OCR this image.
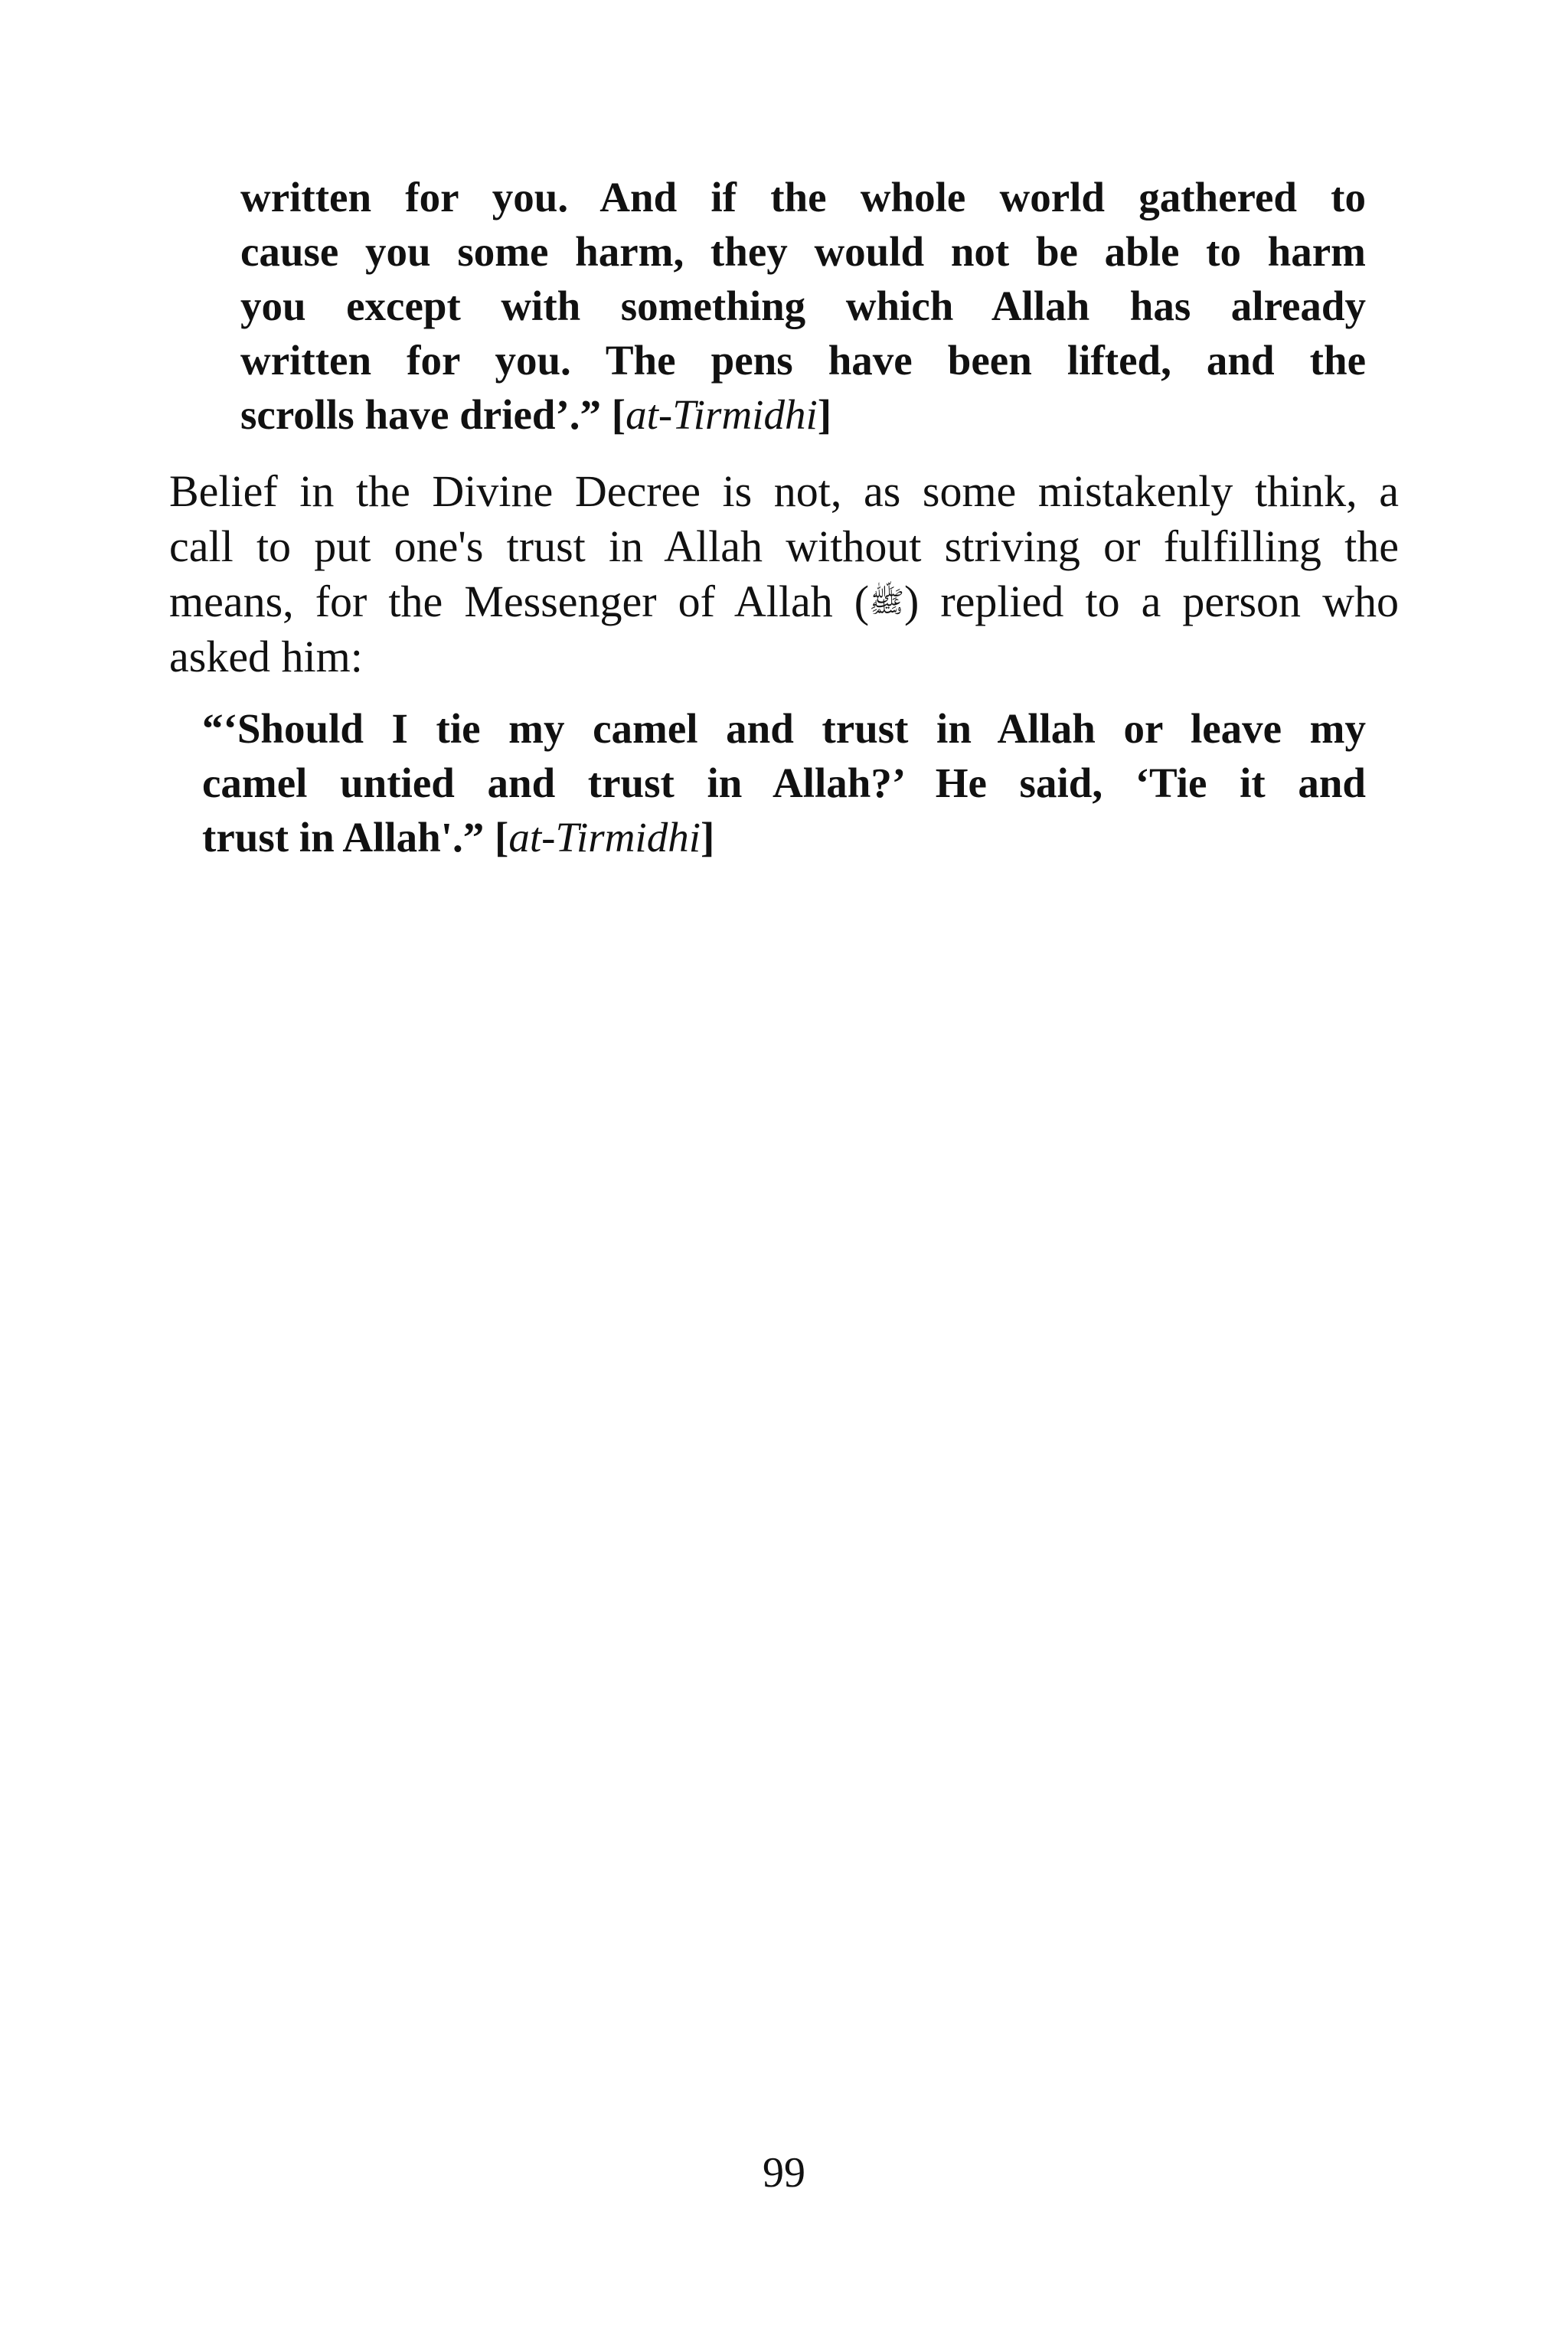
written for you. And if the whole world gathered to
cause you some harm, they would not be able to harm
you except with something which Allah has already
written for you. The pens have been lifted, and the
scrolls have dried’.” [at-Tirmidhi]
Belief in the Divine Decree is not, as some mistakenly think, a
call to put one's trust in Allah without striving or fulfilling the
means, for the Messenger of Allah (ﷺ) replied to a person who
asked him:
“‘Should I tie my camel and trust in Allah or leave my
camel untied and trust in Allah?’ He said, ‘Tie it and
trust in Allah'.” [at-Tirmidhi]
99
